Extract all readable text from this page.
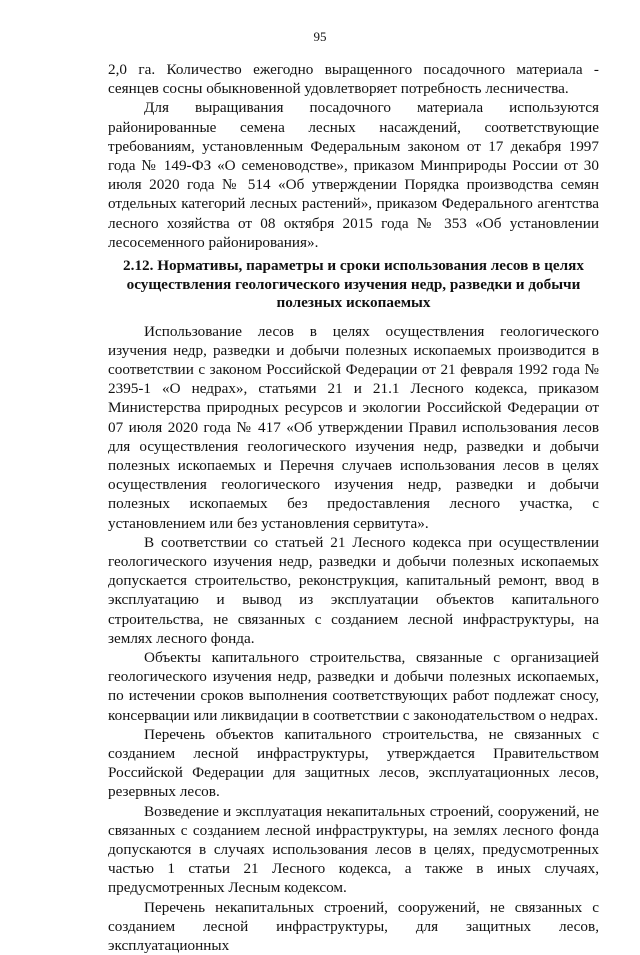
95

2,0 га. Количество ежегодно выращенного посадочного материала - сеянцев сосны обыкновенной удовлетворяет потребность лесничества.

Для выращивания посадочного материала используются районированные семена лесных насаждений, соответствующие требованиям, установленным Федеральным законом от 17 декабря 1997 года № 149-ФЗ «О семеноводстве», приказом Минприроды России от 30 июля 2020 года № 514 «Об утверждении Порядка производства семян отдельных категорий лесных растений», приказом Федерального агентства лесного хозяйства от 08 октября 2015 года № 353 «Об установлении лесосеменного районирования».

2.12. Нормативы, параметры и сроки использования лесов в целях осуществления геологического изучения недр, разведки и добычи полезных ископаемых

Использование лесов в целях осуществления геологического изучения недр, разведки и добычи полезных ископаемых производится в соответствии с законом Российской Федерации от 21 февраля 1992 года № 2395-1 «О недрах», статьями 21 и 21.1 Лесного кодекса, приказом Министерства природных ресурсов и экологии Российской Федерации от 07 июля 2020 года № 417 «Об утверждении Правил использования лесов для осуществления геологического изучения недр, разведки и добычи полезных ископаемых и Перечня случаев использования лесов в целях осуществления геологического изучения недр, разведки и добычи полезных ископаемых без предоставления лесного участка, с установлением или без установления сервитута».

В соответствии со статьей 21 Лесного кодекса при осуществлении геологического изучения недр, разведки и добычи полезных ископаемых допускается строительство, реконструкция, капитальный ремонт, ввод в эксплуатацию и вывод из эксплуатации объектов капитального строительства, не связанных с созданием лесной инфраструктуры, на землях лесного фонда.

Объекты капитального строительства, связанные с организацией геологического изучения недр, разведки и добычи полезных ископаемых, по истечении сроков выполнения соответствующих работ подлежат сносу, консервации или ликвидации в соответствии с законодательством о недрах.

Перечень объектов капитального строительства, не связанных с созданием лесной инфраструктуры, утверждается Правительством Российской Федерации для защитных лесов, эксплуатационных лесов, резервных лесов.

Возведение и эксплуатация некапитальных строений, сооружений, не связанных с созданием лесной инфраструктуры, на землях лесного фонда допускаются в случаях использования лесов в целях, предусмотренных частью 1 статьи 21 Лесного кодекса, а также в иных случаях, предусмотренных Лесным кодексом.

Перечень некапитальных строений, сооружений, не связанных с созданием лесной инфраструктуры, для защитных лесов, эксплуатационных
